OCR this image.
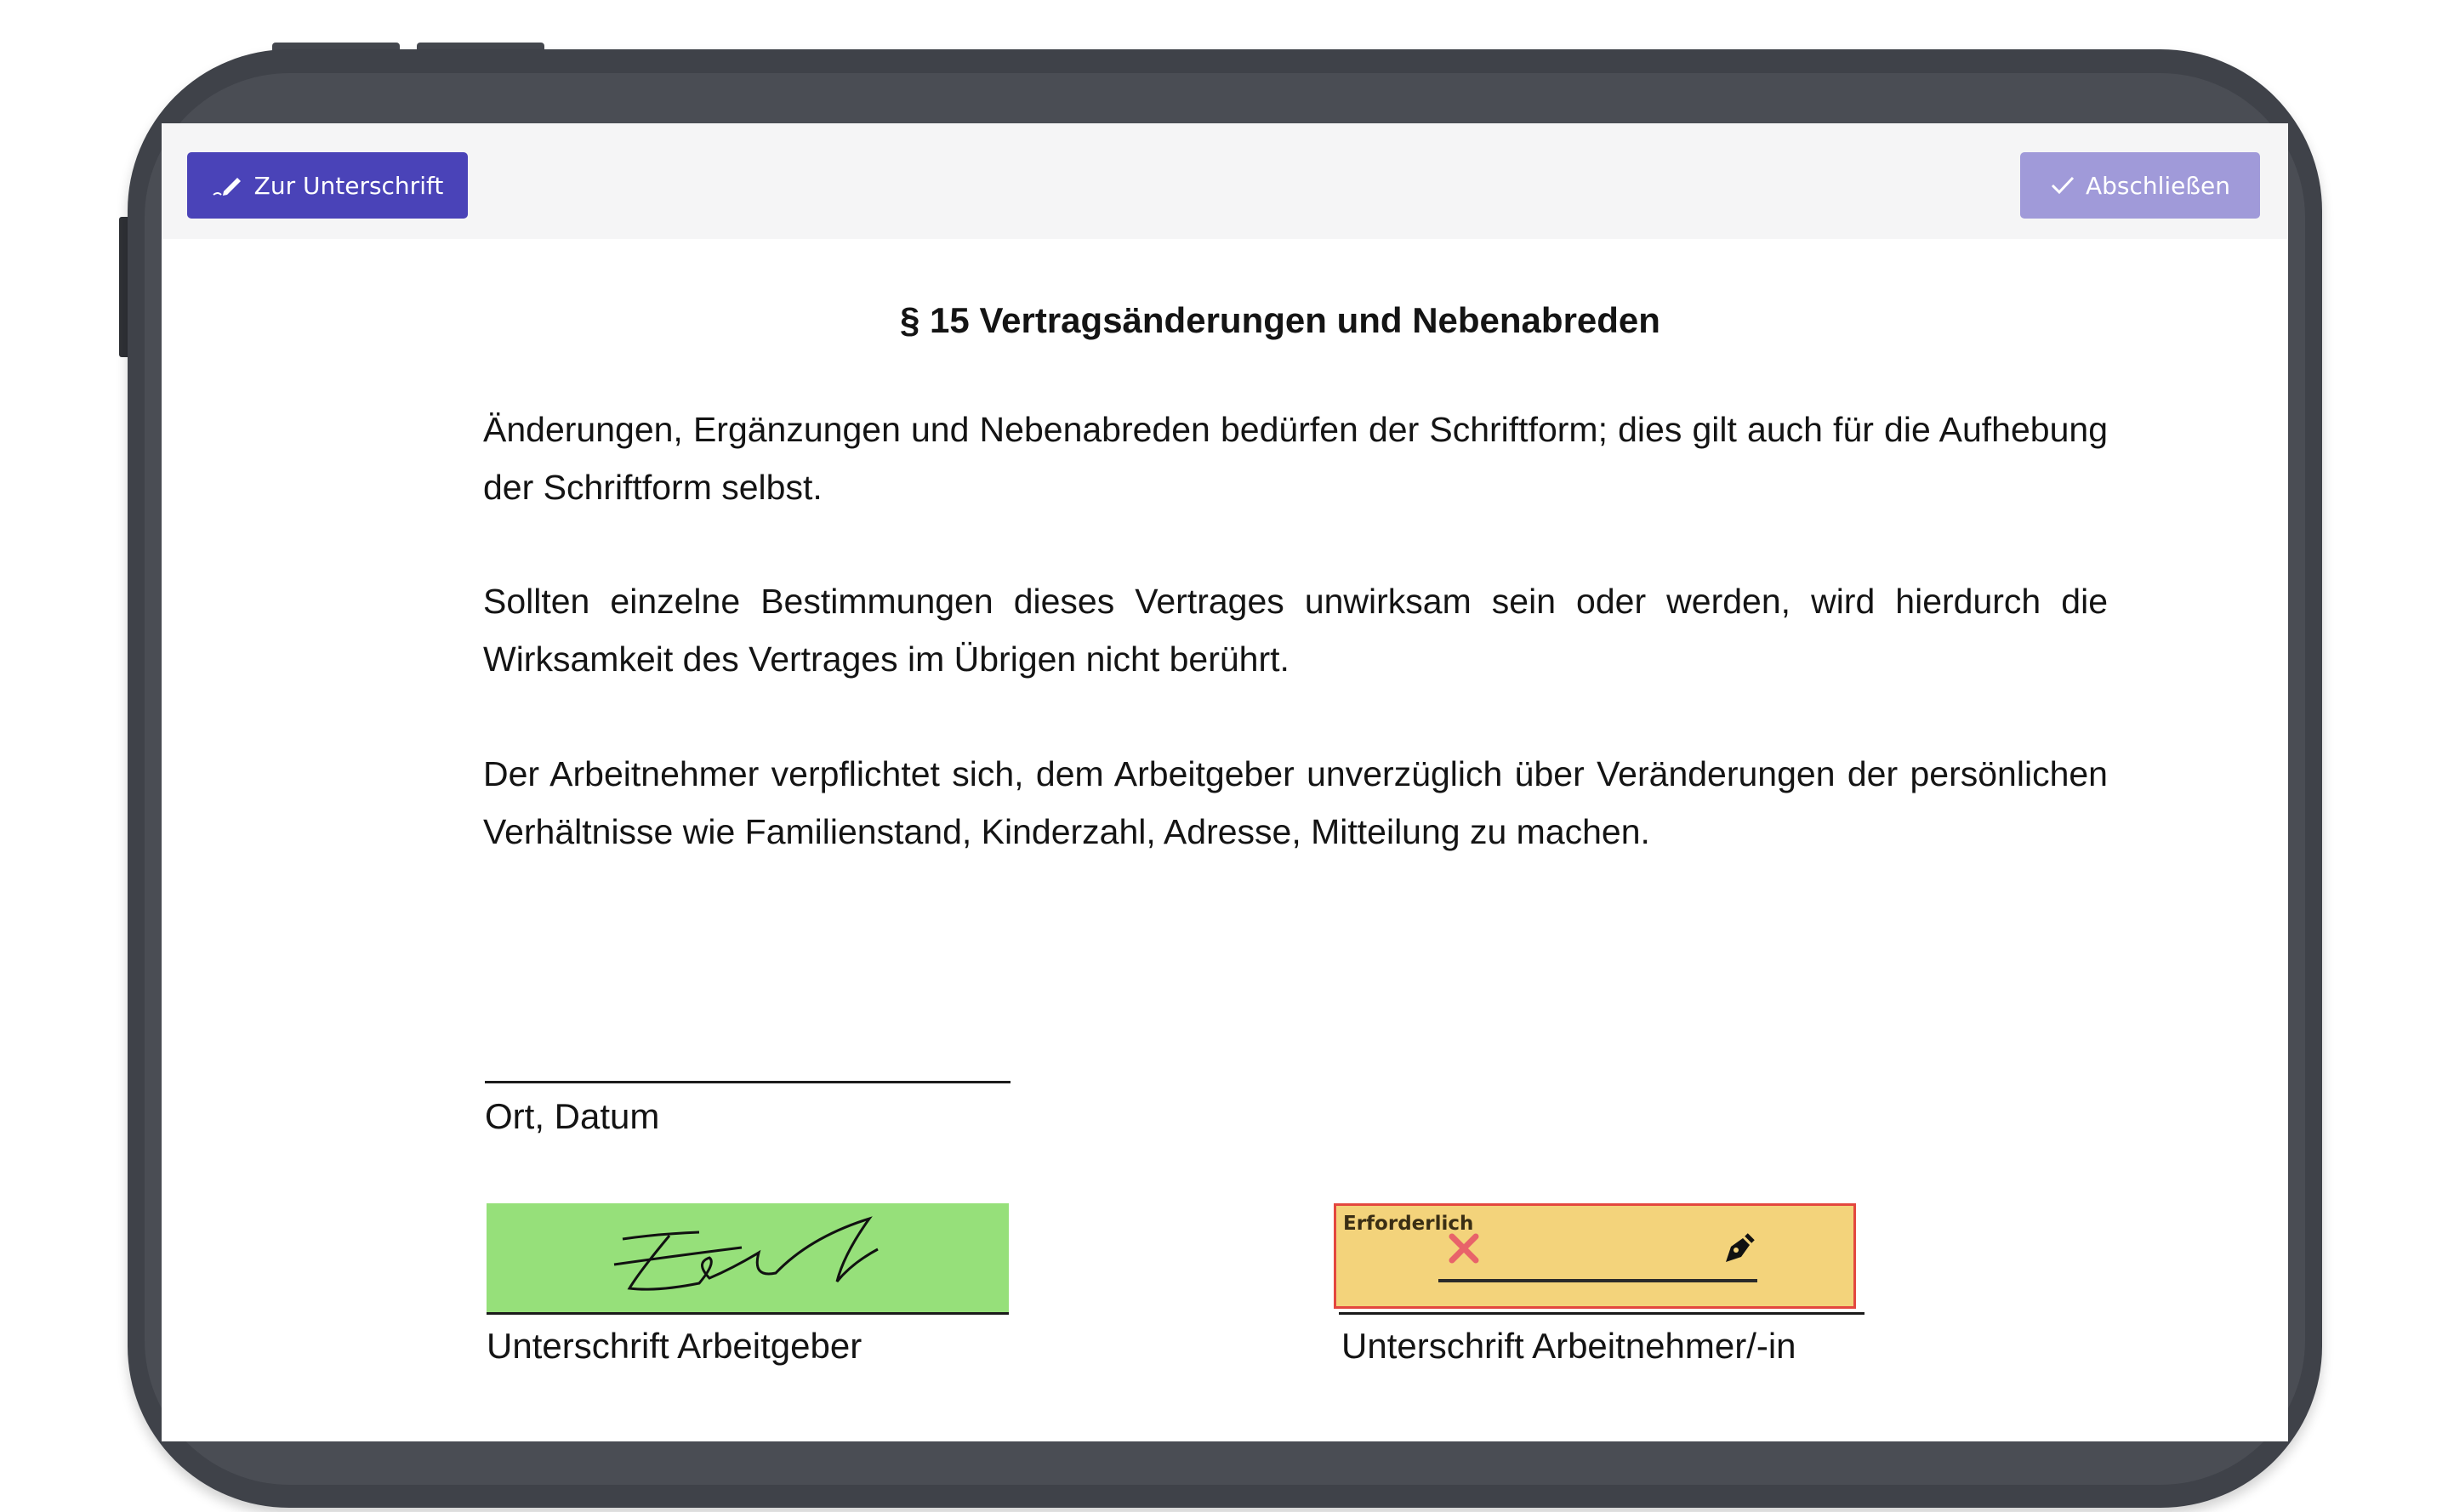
Zur Unterschrift	Abschließen
§ 15 Vertragsänderungen und Nebenabreden
Änderungen, Ergänzungen und Nebenabreden bedürfen der Schriftform; dies gilt auch für die Aufhebung der Schriftform selbst.
Sollten einzelne Bestimmungen dieses Vertrages unwirksam sein oder werden, wird hierdurch die Wirksamkeit des Vertrages im Übrigen nicht berührt.
Der Arbeitnehmer verpflichtet sich, dem Arbeitgeber unverzüglich über Veränderungen der persönlichen Verhältnisse wie Familienstand, Kinderzahl, Adresse, Mitteilung zu machen.
Ort, Datum
Unterschrift Arbeitgeber
Erforderlich
Unterschrift Arbeitnehmer/-in
